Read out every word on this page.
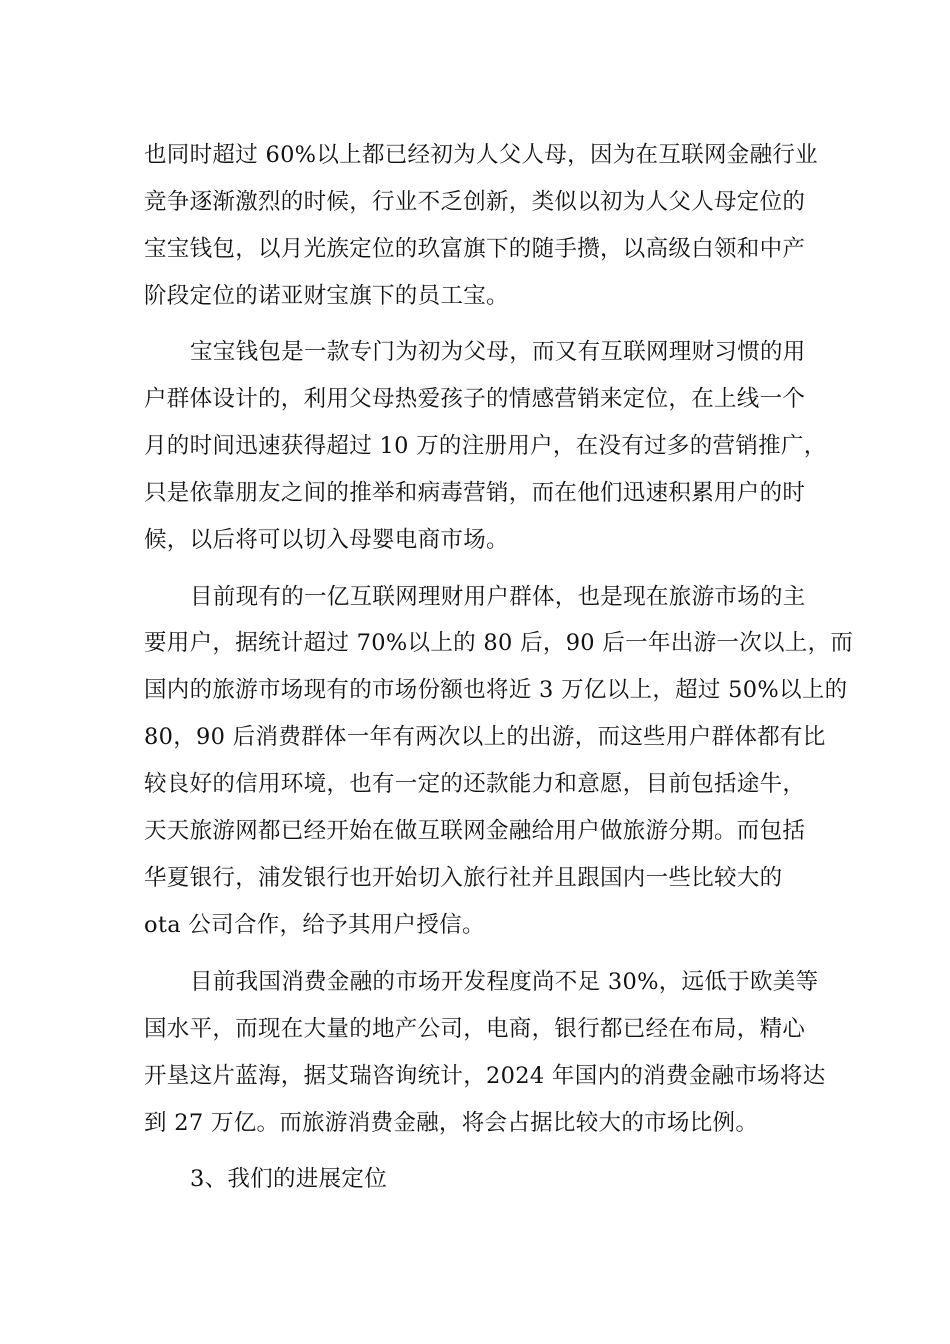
也同时超过 60%以上都已经初为人父人母，因为在互联网金融行业

竞争逐渐激烈的时候，行业不乏创新，类似以初为人父人母定位的

宝宝钱包，以月光族定位的玖富旗下的随手攒，以高级白领和中产

阶段定位的诺亚财宝旗下的员工宝。

宝宝钱包是一款专门为初为父母，而又有互联网理财习惯的用

户群体设计的，利用父母热爱孩子的情感营销来定位，在上线一个

月的时间迅速获得超过 10 万的注册用户，在没有过多的营销推广，

只是依靠朋友之间的推举和病毒营销，而在他们迅速积累用户的时

候，以后将可以切入母婴电商市场。

目前现有的一亿互联网理财用户群体，也是现在旅游市场的主

要用户，据统计超过 70%以上的 80 后，90 后一年出游一次以上，而

国内的旅游市场现有的市场份额也将近 3 万亿以上，超过 50%以上的

80，90 后消费群体一年有两次以上的出游，而这些用户群体都有比

较良好的信用环境，也有一定的还款能力和意愿，目前包括途牛，

天天旅游网都已经开始在做互联网金融给用户做旅游分期。而包括

华夏银行，浦发银行也开始切入旅行社并且跟国内一些比较大的

ota 公司合作，给予其用户授信。

目前我国消费金融的市场开发程度尚不足 30%，远低于欧美等

国水平，而现在大量的地产公司，电商，银行都已经在布局，精心

开垦这片蓝海，据艾瑞咨询统计，2024 年国内的消费金融市场将达

到 27 万亿。而旅游消费金融，将会占据比较大的市场比例。

3、我们的进展定位
